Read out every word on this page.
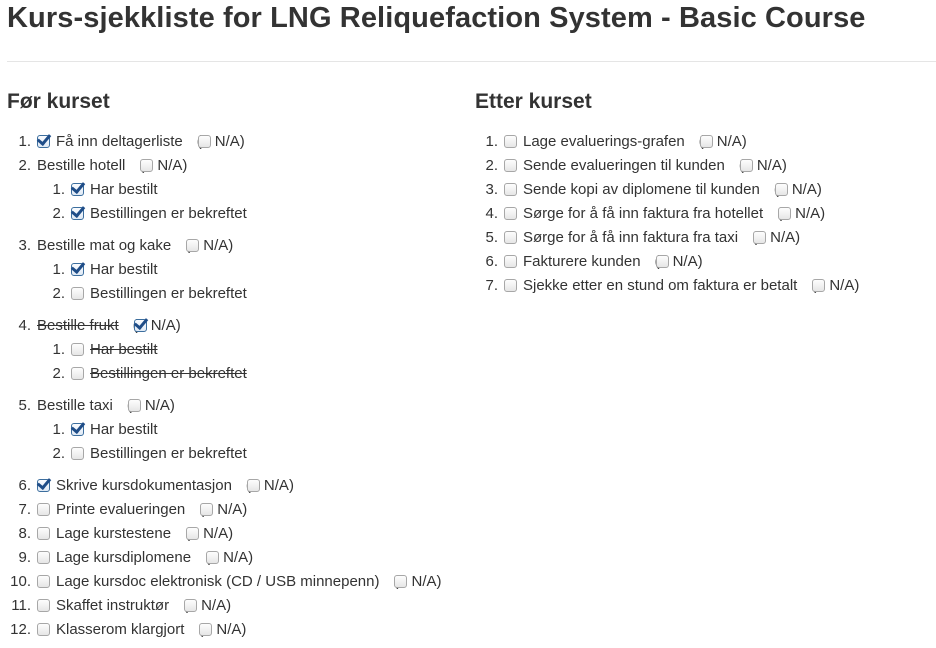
Kurs-sjekkliste for LNG Reliquefaction System - Basic Course
Før kurset	Etter kurset
1. Få inn deltagerliste	N/A)
2. Bestille hotell	N/A)
1. Har bestilt
2. Bestillingen er bekreftet
3. Bestille mat og kake	N/A)
1. Har bestilt
2. Bestillingen er bekreftet
4. Bestille frukt	N/A)
1. Har bestilt
2. Bestillingen er bekreftet
5. Bestille taxi	N/A)
1. Har bestilt
2. Bestillingen er bekreftet
6. Skrive kursdokumentasjon	N/A)
7. Printe evalueringen	N/A)
8. Lage kurstestene	N/A)
9. Lage kursdiplomene	N/A)
10. Lage kursdoc elektronisk (CD / USB minnepenn)	N/A)
11. Skaffet instruktør	N/A)
12. Klasserom klargjort	N/A)
1. Lage evaluerings-grafen	N/A)
2. Sende evalueringen til kunden	N/A)
3. Sende kopi av diplomene til kunden	N/A)
4. Sørge for å få inn faktura fra hotellet	N/A)
5. Sørge for å få inn faktura fra taxi	N/A)
6. Fakturere kunden	N/A)
7. Sjekke etter en stund om faktura er betalt	N/A)
